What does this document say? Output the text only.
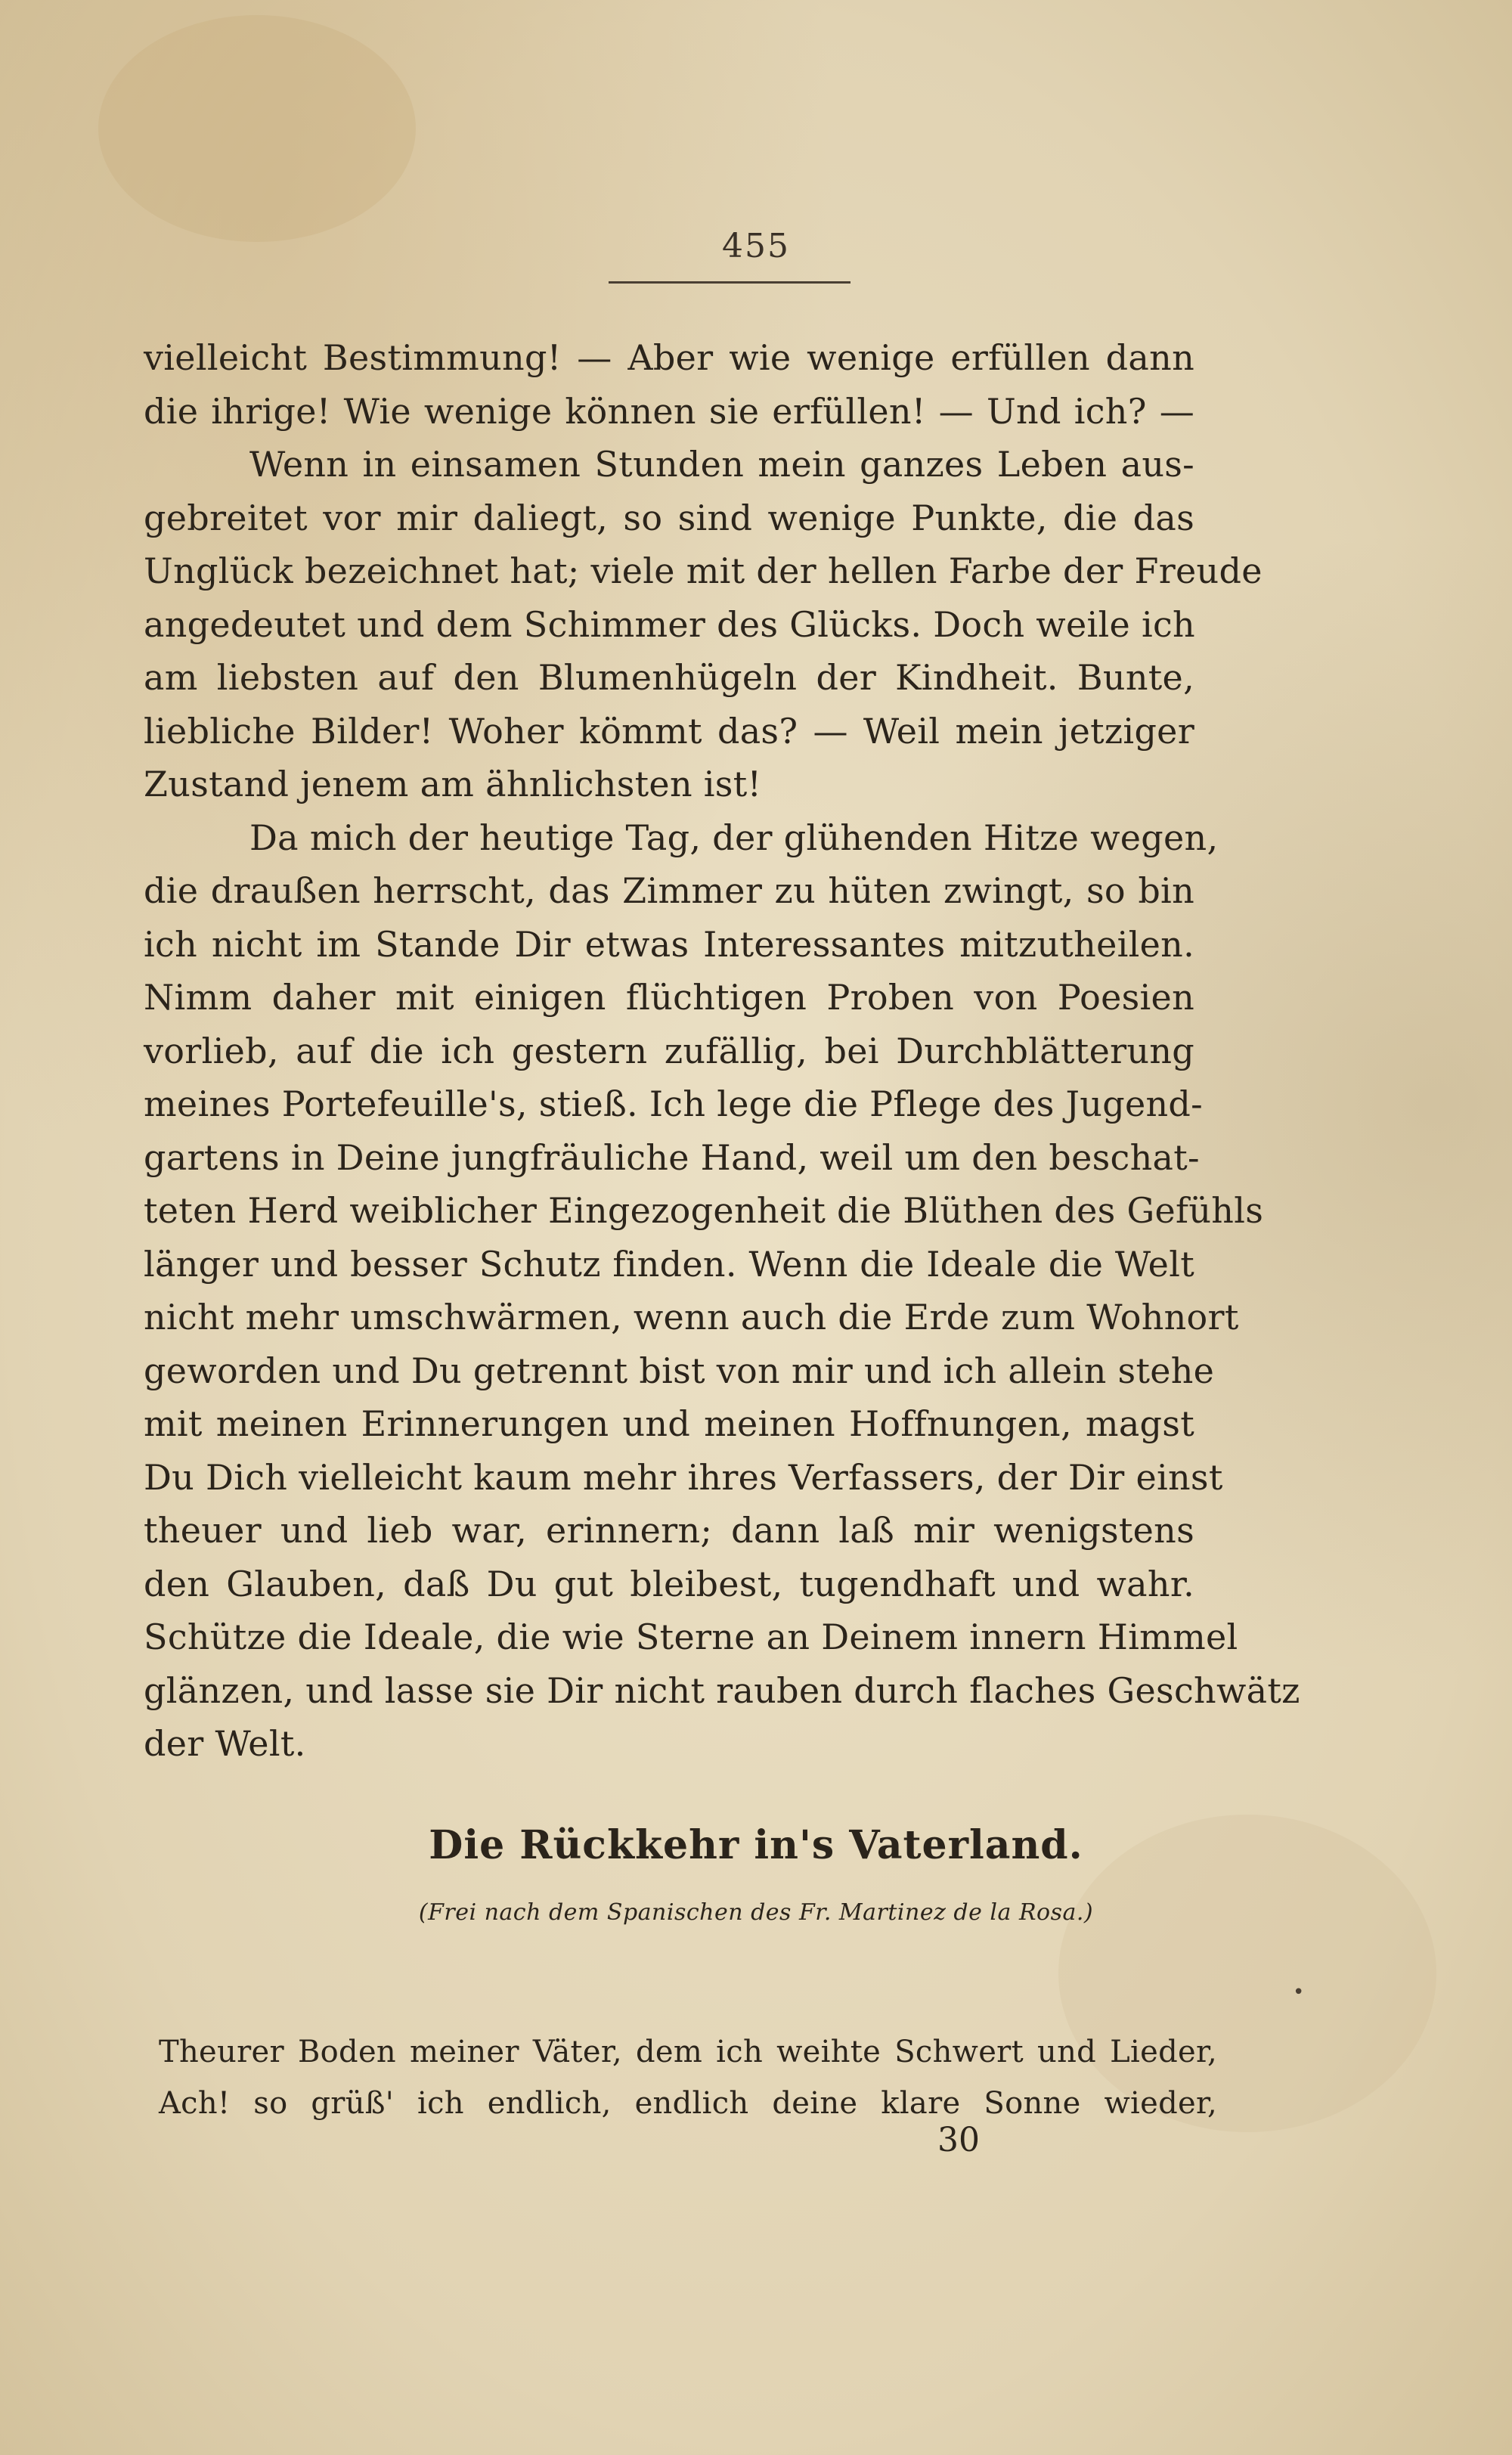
455
vielleicht Bestimmung! — Aber wie wenige erfüllen dann
die ihrige! Wie wenige können sie erfüllen! — Und ich? —
Wenn in einsamen Stunden mein ganzes Leben aus-
gebreitet vor mir daliegt, so sind wenige Punkte, die das
Unglück bezeichnet hat; viele mit der hellen Farbe der Freude
angedeutet und dem Schimmer des Glücks. Doch weile ich
am liebsten auf den Blumenhügeln der Kindheit. Bunte,
liebliche Bilder! Woher kömmt das? — Weil mein jetziger
Zustand jenem am ähnlichsten ist!
Da mich der heutige Tag, der glühenden Hitze wegen,
die draußen herrscht, das Zimmer zu hüten zwingt, so bin
ich nicht im Stande Dir etwas Interessantes mitzutheilen.
Nimm daher mit einigen flüchtigen Proben von Poesien
vorlieb, auf die ich gestern zufällig, bei Durchblätterung
meines Portefeuille's, stieß. Ich lege die Pflege des Jugend-
gartens in Deine jungfräuliche Hand, weil um den beschat-
teten Herd weiblicher Eingezogenheit die Blüthen des Gefühls
länger und besser Schutz finden. Wenn die Ideale die Welt
nicht mehr umschwärmen, wenn auch die Erde zum Wohnort
geworden und Du getrennt bist von mir und ich allein stehe
mit meinen Erinnerungen und meinen Hoffnungen, magst
Du Dich vielleicht kaum mehr ihres Verfassers, der Dir einst
theuer und lieb war, erinnern; dann laß mir wenigstens
den Glauben, daß Du gut bleibest, tugendhaft und wahr.
Schütze die Ideale, die wie Sterne an Deinem innern Himmel
glänzen, und lasse sie Dir nicht rauben durch flaches Geschwätz
der Welt.
Die Rückkehr in's Vaterland.
(Frei nach dem Spanischen des Fr. Martinez de la Rosa.)
•
Theurer Boden meiner Väter, dem ich weihte Schwert und Lieder,
Ach! so grüß' ich endlich, endlich deine klare Sonne wieder,
30
